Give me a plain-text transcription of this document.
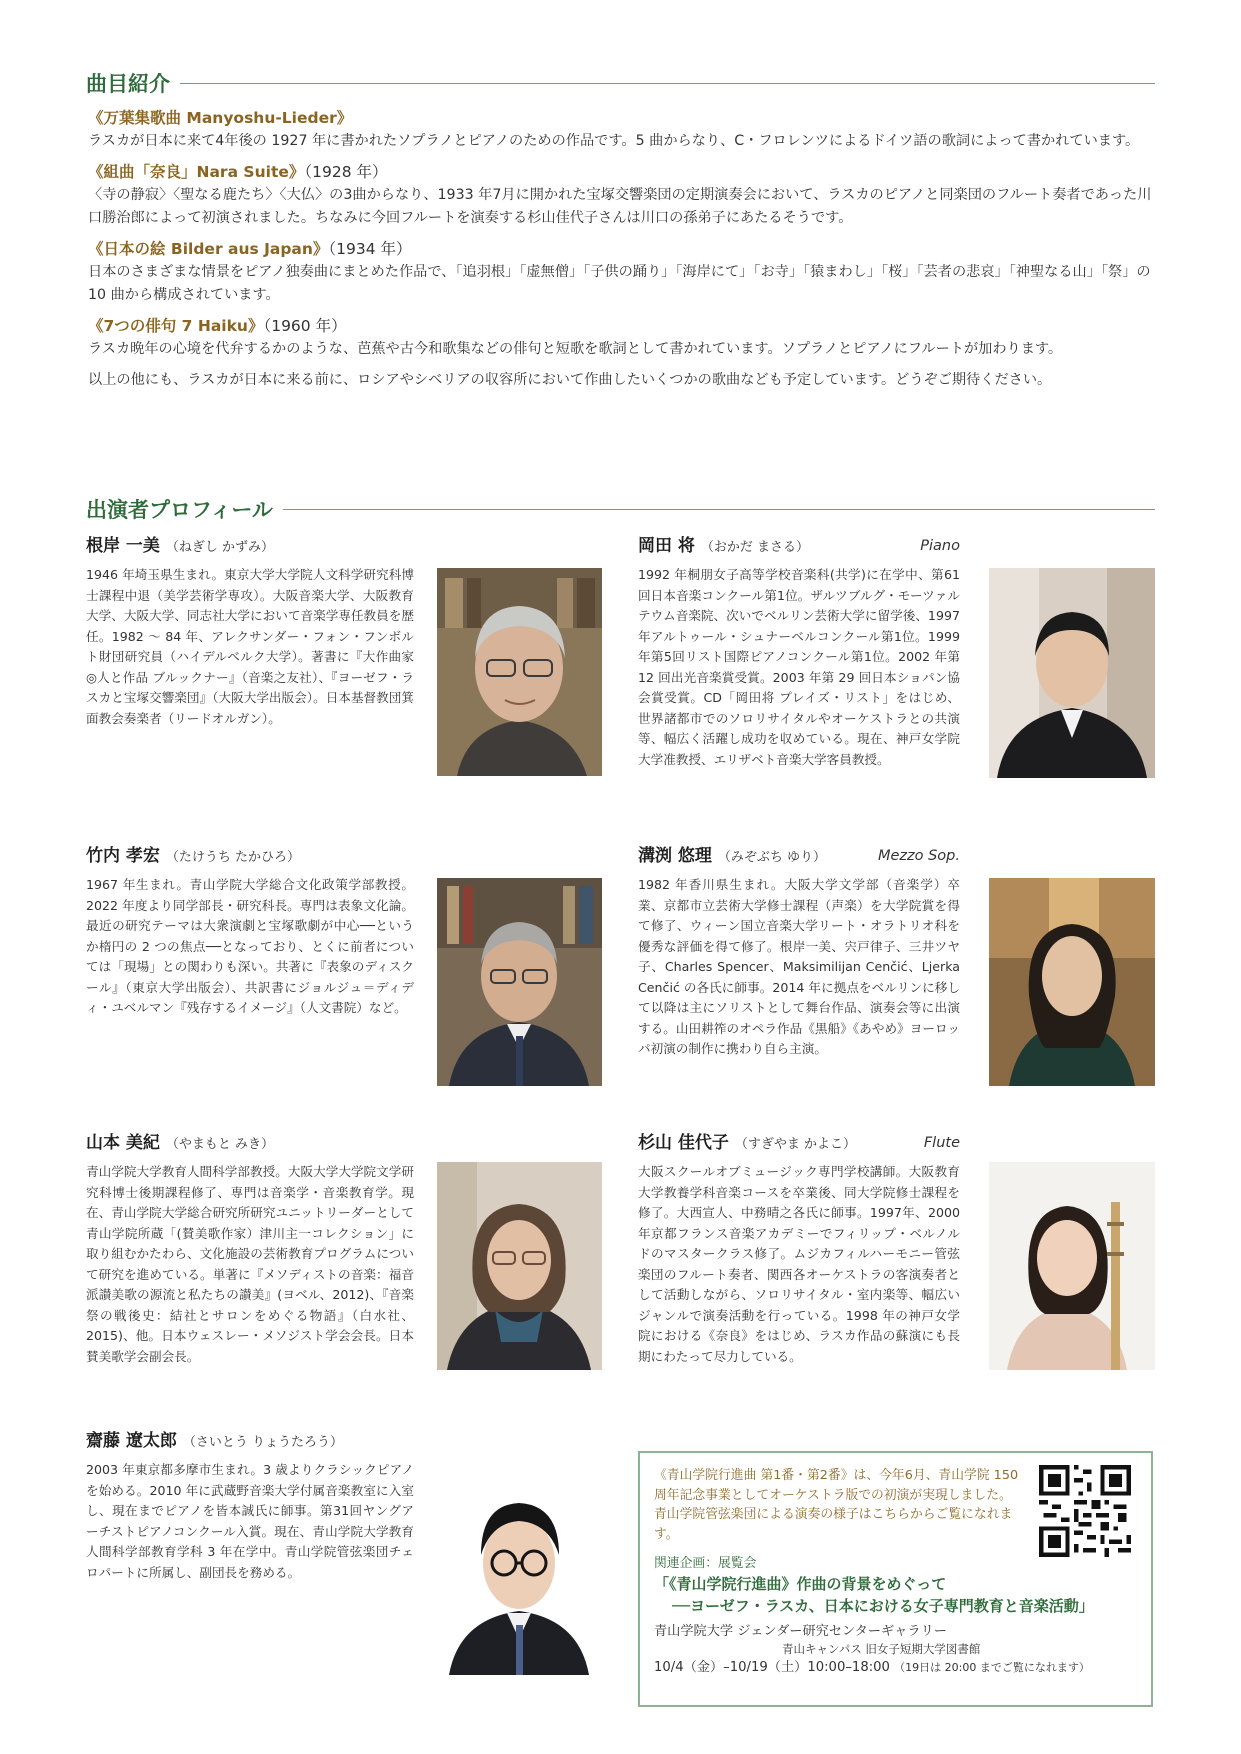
曲目紹介
《万葉集歌曲 Manyoshu-Lieder》
ラスカが日本に来て4年後の 1927 年に書かれたソプラノとピアノのための作品です。5 曲からなり、C・フロレンツによるドイツ語の歌詞によって書かれています。
《組曲「奈良」Nara Suite》（1928 年）
〈寺の静寂〉〈聖なる鹿たち〉〈大仏〉の3曲からなり、1933 年7月に開かれた宝塚交響楽団の定期演奏会において、ラスカのピアノと同楽団のフルート奏者であった川口勝治郎によって初演されました。ちなみに今回フルートを演奏する杉山佳代子さんは川口の孫弟子にあたるそうです。
《日本の絵 Bilder aus Japan》（1934 年）
日本のさまざまな情景をピアノ独奏曲にまとめた作品で、「追羽根」「虚無僧」「子供の踊り」「海岸にて」「お寺」「猿まわし」「桜」「芸者の悲哀」「神聖なる山」「祭」の 10 曲から構成されています。
《7つの俳句 7 Haiku》（1960 年）
ラスカ晩年の心境を代弁するかのような、芭蕉や古今和歌集などの俳句と短歌を歌詞として書かれています。ソプラノとピアノにフルートが加わります。
以上の他にも、ラスカが日本に来る前に、ロシアやシベリアの収容所において作曲したいくつかの歌曲なども予定しています。どうぞご期待ください。
出演者プロフィール
根岸 一美 （ねぎし かずみ）
1946 年埼玉県生まれ。東京大学大学院人文科学研究科博士課程中退（美学芸術学専攻）。大阪音楽大学、大阪教育大学、大阪大学、同志社大学において音楽学専任教員を歴任。1982 ～ 84 年、アレクサンダー・フォン・フンボルト財団研究員（ハイデルベルク大学）。著書に『大作曲家◎人と作品 ブルックナー』（音楽之友社）、『ヨーゼフ・ラスカと宝塚交響楽団』（大阪大学出版会）。日本基督教団箕面教会奏楽者（リードオルガン）。
岡田 将 （おかだ まさる）	Piano
1992 年桐朋女子高等学校音楽科(共学)に在学中、第61回日本音楽コンクール第1位。ザルツブルグ・モーツァルテウム音楽院、次いでベルリン芸術大学に留学後、1997 年アルトゥール・シュナーベルコンクール第1位。1999 年第5回リスト国際ピアノコンクール第1位。2002 年第 12 回出光音楽賞受賞。2003 年第 29 回日本ショパン協会賞受賞。CD「岡田将 プレイズ・リスト」をはじめ、世界諸都市でのソロリサイタルやオーケストラとの共演等、幅広く活躍し成功を収めている。現在、神戸女学院大学准教授、エリザベト音楽大学客員教授。
竹内 孝宏 （たけうち たかひろ）
1967 年生まれ。青山学院大学総合文化政策学部教授。2022 年度より同学部長・研究科長。専門は表象文化論。最近の研究テーマは大衆演劇と宝塚歌劇が中心──というか楕円の 2 つの焦点──となっており、とくに前者については「現場」との関わりも深い。共著に『表象のディスクール』（東京大学出版会）、共訳書にジョルジュ＝ディディ・ユベルマン『残存するイメージ』（人文書院）など。
溝渕 悠理 （みぞぶち ゆり）	Mezzo Sop.
1982 年香川県生まれ。大阪大学文学部（音楽学）卒業、京都市立芸術大学修士課程（声楽）を大学院賞を得て修了、ウィーン国立音楽大学リート・オラトリオ科を優秀な評価を得て修了。根岸一美、宍戸律子、三井ツヤ子、Charles Spencer、Maksimilijan Cenčić、Ljerka Cenčić の各氏に師事。2014 年に拠点をベルリンに移して以降は主にソリストとして舞台作品、演奏会等に出演する。山田耕筰のオペラ作品《黒船》《あやめ》ヨーロッパ初演の制作に携わり自ら主演。
山本 美紀 （やまもと みき）
青山学院大学教育人間科学部教授。大阪大学大学院文学研究科博士後期課程修了、専門は音楽学・音楽教育学。現在、青山学院大学総合研究所研究ユニットリーダーとして青山学院所蔵「(賛美歌作家）津川主一コレクション」に取り組むかたわら、文化施設の芸術教育プログラムについて研究を進めている。単著に『メソディストの音楽：福音派讃美歌の源流と私たちの讃美』(ヨベル、2012)、『音楽祭の戦後史：結社とサロンをめぐる物語』（白水社、2015)、他。日本ウェスレー・メソジスト学会会長。日本賛美歌学会副会長。
杉山 佳代子 （すぎやま かよこ）	Flute
大阪スクールオブミュージック専門学校講師。大阪教育大学教養学科音楽コースを卒業後、同大学院修士課程を修了。大西宣人、中務晴之各氏に師事。1997年、2000 年京都フランス音楽アカデミーでフィリップ・ベルノルドのマスタークラス修了。ムジカフィルハーモニー管弦楽団のフルート奏者、関西各オーケストラの客演奏者として活動しながら、ソロリサイタル・室内楽等、幅広いジャンルで演奏活動を行っている。1998 年の神戸女学院における《奈良》をはじめ、ラスカ作品の蘇演にも長期にわたって尽力している。
齋藤 遼太郎 （さいとう りょうたろう）
2003 年東京都多摩市生まれ。3 歳よりクラシックピアノを始める。2010 年に武蔵野音楽大学付属音楽教室に入室し、現在までピアノを皆本誠氏に師事。第31回ヤングアーチストピアノコンクール入賞。現在、青山学院大学教育人間科学部教育学科 3 年在学中。青山学院管弦楽団チェロパートに所属し、副団長を務める。
《青山学院行進曲 第1番・第2番》は、今年6月、青山学院 150 周年記念事業としてオーケストラ版での初演が実現しました。
青山学院管弦楽団による演奏の様子はこちらからご覧になれます。
関連企画：展覧会
「《青山学院行進曲》作曲の背景をめぐって
──ヨーゼフ・ラスカ、日本における女子専門教育と音楽活動」
青山学院大学 ジェンダー研究センターギャラリー
青山キャンパス 旧女子短期大学図書館
10/4（金）–10/19（土）10:00–18:00 （19日は 20:00 までご覧になれます）
